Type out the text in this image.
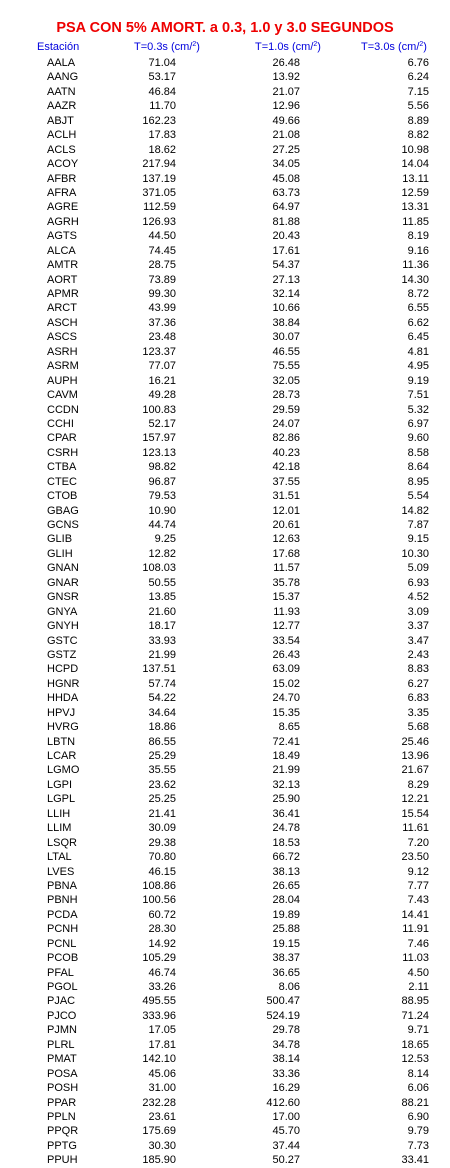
PSA CON 5% AMORT. a 0.3, 1.0 y 3.0 SEGUNDOS
Estación	T=0.3s (cm/$^2$)	T=1.0s (cm/$^2$)	T=3.0s (cm/$^2$)
AALA	71.04	26.48	6.76
AANG	53.17	13.92	6.24
AATN	46.84	21.07	7.15
AAZR	11.70	12.96	5.56
ABJT	162.23	49.66	8.89
ACLH	17.83	21.08	8.82
ACLS	18.62	27.25	10.98
ACOY	217.94	34.05	14.04
AFBR	137.19	45.08	13.11
AFRA	371.05	63.73	12.59
AGRE	112.59	64.97	13.31
AGRH	126.93	81.88	11.85
AGTS	44.50	20.43	8.19
ALCA	74.45	17.61	9.16
AMTR	28.75	54.37	11.36
AORT	73.89	27.13	14.30
APMR	99.30	32.14	8.72
ARCT	43.99	10.66	6.55
ASCH	37.36	38.84	6.62
ASCS	23.48	30.07	6.45
ASRH	123.37	46.55	4.81
ASRM	77.07	75.55	4.95
AUPH	16.21	32.05	9.19
CAVM	49.28	28.73	7.51
CCDN	100.83	29.59	5.32
CCHI	52.17	24.07	6.97
CPAR	157.97	82.86	9.60
CSRH	123.13	40.23	8.58
CTBA	98.82	42.18	8.64
CTEC	96.87	37.55	8.95
CTOB	79.53	31.51	5.54
GBAG	10.90	12.01	14.82
GCNS	44.74	20.61	7.87
GLIB	9.25	12.63	9.15
GLIH	12.82	17.68	10.30
GNAN	108.03	11.57	5.09
GNAR	50.55	35.78	6.93
GNSR	13.85	15.37	4.52
GNYA	21.60	11.93	3.09
GNYH	18.17	12.77	3.37
GSTC	33.93	33.54	3.47
GSTZ	21.99	26.43	2.43
HCPD	137.51	63.09	8.83
HGNR	57.74	15.02	6.27
HHDA	54.22	24.70	6.83
HPVJ	34.64	15.35	3.35
HVRG	18.86	8.65	5.68
LBTN	86.55	72.41	25.46
LCAR	25.29	18.49	13.96
LGMO	35.55	21.99	21.67
LGPI	23.62	32.13	8.29
LGPL	25.25	25.90	12.21
LLIH	21.41	36.41	15.54
LLIM	30.09	24.78	11.61
LSQR	29.38	18.53	7.20
LTAL	70.80	66.72	23.50
LVES	46.15	38.13	9.12
PBNA	108.86	26.65	7.77
PBNH	100.56	28.04	7.43
PCDA	60.72	19.89	14.41
PCNH	28.30	25.88	11.91
PCNL	14.92	19.15	7.46
PCOB	105.29	38.37	11.03
PFAL	46.74	36.65	4.50
PGOL	33.26	8.06	2.11
PJAC	495.55	500.47	88.95
PJCO	333.96	524.19	71.24
PJMN	17.05	29.78	9.71
PLRL	17.81	34.78	18.65
PMAT	142.10	38.14	12.53
POSA	45.06	33.36	8.14
POSH	31.00	16.29	6.06
PPAR	232.28	412.60	88.21
PPLN	23.61	17.00	6.90
PPQR	175.69	45.70	9.79
PPTG	30.30	37.44	7.73
PPUH	185.90	50.27	33.41
